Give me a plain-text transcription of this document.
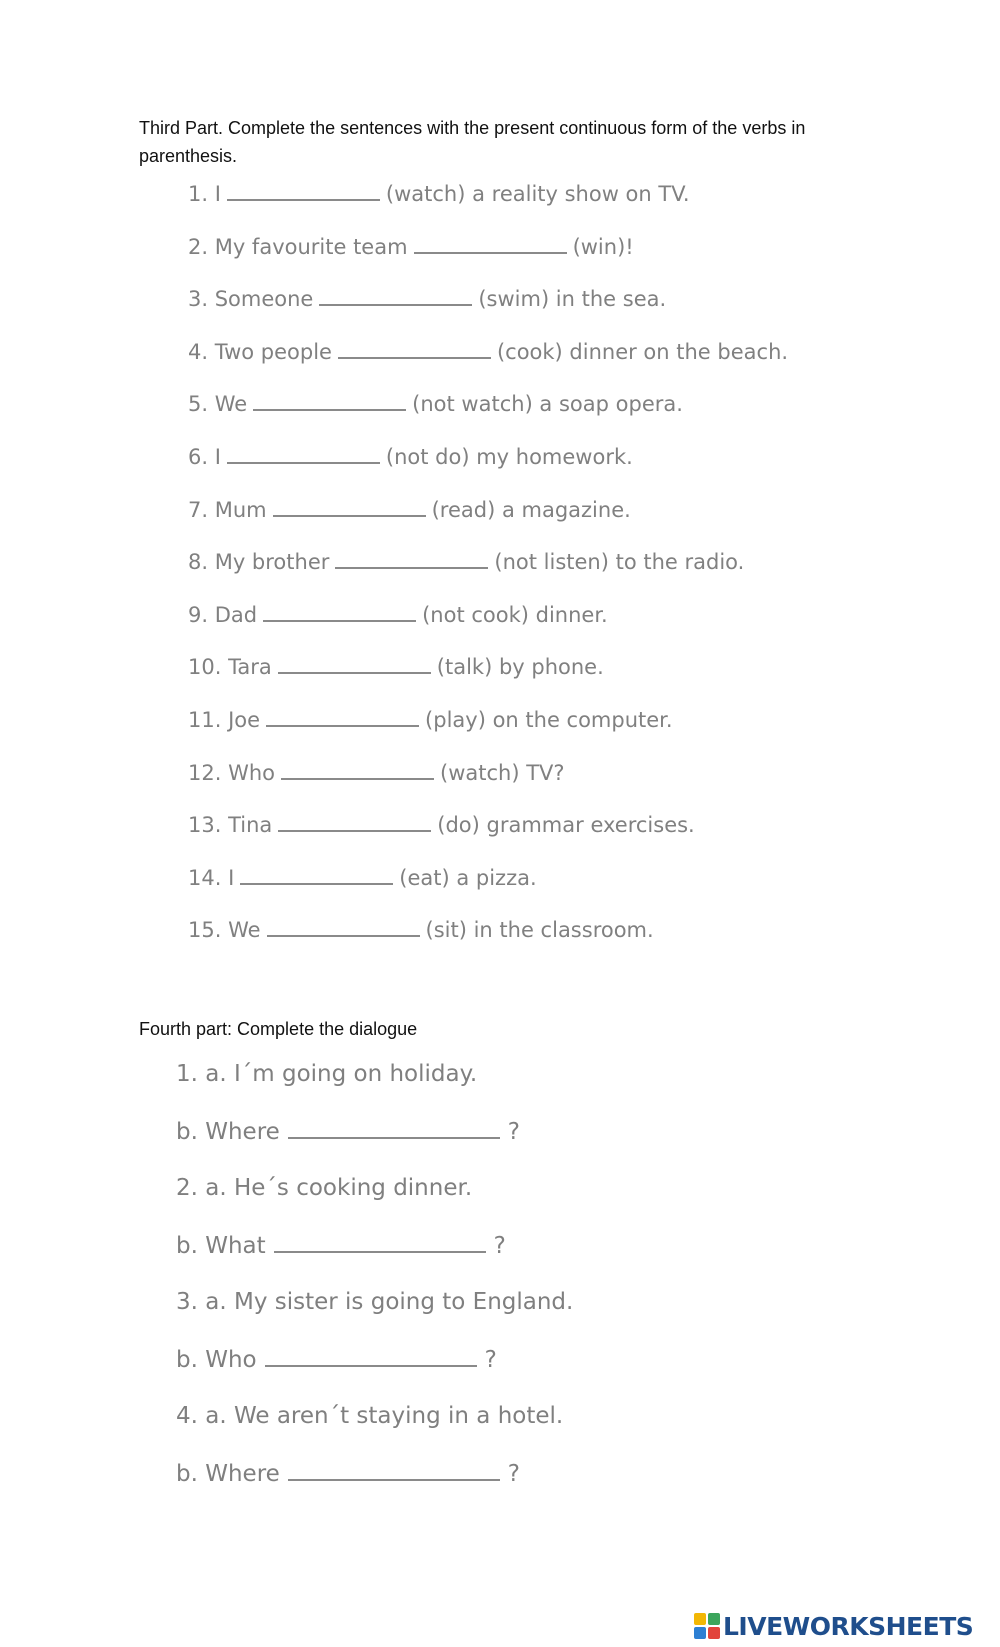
Third Part. Complete the sentences with the present continuous form of the verbs in parenthesis.
1. I	(watch) a reality show on TV.
2. My favourite team	(win)!
3. Someone	(swim) in the sea.
4. Two people	(cook) dinner on the beach.
5. We	(not watch) a soap opera.
6. I	(not do) my homework.
7. Mum	(read) a magazine.
8. My brother	(not listen) to the radio.
9. Dad	(not cook) dinner.
10. Tara	(talk) by phone.
11. Joe	(play) on the computer.
12. Who	(watch) TV?
13. Tina	(do) grammar exercises.
14. I	(eat) a pizza.
15. We	(sit) in the classroom.
Fourth part: Complete the dialogue
1. a. I´m going on holiday.
b. Where	?
2. a. He´s cooking dinner.
b. What	?
3. a. My sister is going to England.
b. Who	?
4. a. We aren´t staying in a hotel.
b. Where	?
LIVEWORKSHEETS
